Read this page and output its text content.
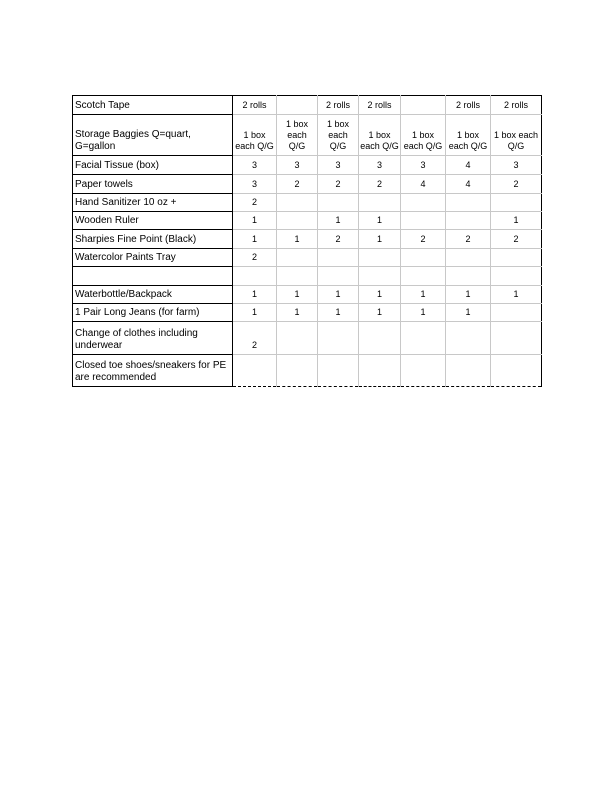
Scotch Tape	2 rolls		2 rolls	2 rolls		2 rolls	2 rolls
Storage Baggies Q=quart, G=gallon	1 box each Q/G	1 box each Q/G	1 box each Q/G	1 box each Q/G	1 box each Q/G	1 box each Q/G	1 box each Q/G
Facial Tissue (box)	3	3	3	3	3	4	3
Paper towels	3	2	2	2	4	4	2
Hand Sanitizer 10 oz +	2						
Wooden Ruler	1		1	1			1
Sharpies Fine Point (Black)	1	1	2	1	2	2	2
Watercolor Paints Tray	2						

Waterbottle/Backpack	1	1	1	1	1	1	1
1 Pair Long Jeans (for farm)	1	1	1	1	1	1	
Change of clothes including underwear	2						
Closed toe shoes/sneakers for PE are recommended							
